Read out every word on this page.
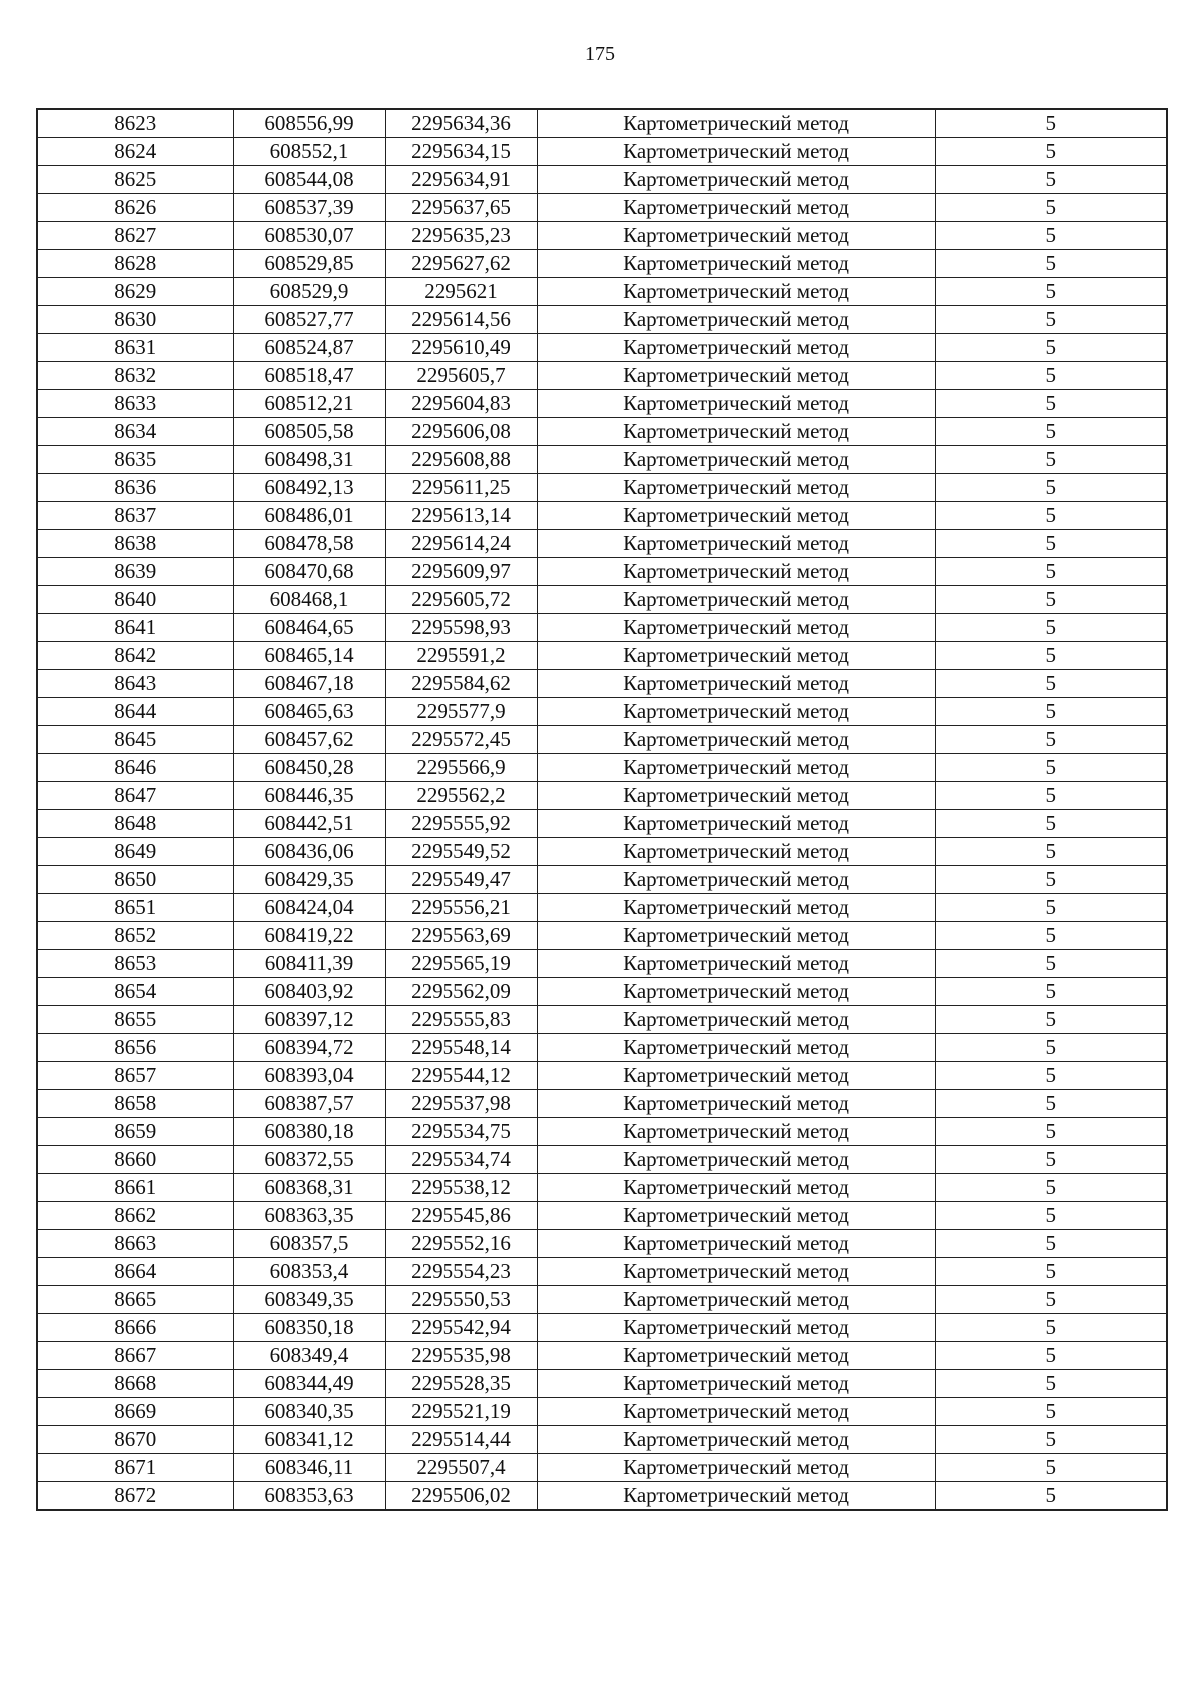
175
8623	608556,99	2295634,36	Картометрический метод	5
8624	608552,1	2295634,15	Картометрический метод	5
8625	608544,08	2295634,91	Картометрический метод	5
8626	608537,39	2295637,65	Картометрический метод	5
8627	608530,07	2295635,23	Картометрический метод	5
8628	608529,85	2295627,62	Картометрический метод	5
8629	608529,9	2295621	Картометрический метод	5
8630	608527,77	2295614,56	Картометрический метод	5
8631	608524,87	2295610,49	Картометрический метод	5
8632	608518,47	2295605,7	Картометрический метод	5
8633	608512,21	2295604,83	Картометрический метод	5
8634	608505,58	2295606,08	Картометрический метод	5
8635	608498,31	2295608,88	Картометрический метод	5
8636	608492,13	2295611,25	Картометрический метод	5
8637	608486,01	2295613,14	Картометрический метод	5
8638	608478,58	2295614,24	Картометрический метод	5
8639	608470,68	2295609,97	Картометрический метод	5
8640	608468,1	2295605,72	Картометрический метод	5
8641	608464,65	2295598,93	Картометрический метод	5
8642	608465,14	2295591,2	Картометрический метод	5
8643	608467,18	2295584,62	Картометрический метод	5
8644	608465,63	2295577,9	Картометрический метод	5
8645	608457,62	2295572,45	Картометрический метод	5
8646	608450,28	2295566,9	Картометрический метод	5
8647	608446,35	2295562,2	Картометрический метод	5
8648	608442,51	2295555,92	Картометрический метод	5
8649	608436,06	2295549,52	Картометрический метод	5
8650	608429,35	2295549,47	Картометрический метод	5
8651	608424,04	2295556,21	Картометрический метод	5
8652	608419,22	2295563,69	Картометрический метод	5
8653	608411,39	2295565,19	Картометрический метод	5
8654	608403,92	2295562,09	Картометрический метод	5
8655	608397,12	2295555,83	Картометрический метод	5
8656	608394,72	2295548,14	Картометрический метод	5
8657	608393,04	2295544,12	Картометрический метод	5
8658	608387,57	2295537,98	Картометрический метод	5
8659	608380,18	2295534,75	Картометрический метод	5
8660	608372,55	2295534,74	Картометрический метод	5
8661	608368,31	2295538,12	Картометрический метод	5
8662	608363,35	2295545,86	Картометрический метод	5
8663	608357,5	2295552,16	Картометрический метод	5
8664	608353,4	2295554,23	Картометрический метод	5
8665	608349,35	2295550,53	Картометрический метод	5
8666	608350,18	2295542,94	Картометрический метод	5
8667	608349,4	2295535,98	Картометрический метод	5
8668	608344,49	2295528,35	Картометрический метод	5
8669	608340,35	2295521,19	Картометрический метод	5
8670	608341,12	2295514,44	Картометрический метод	5
8671	608346,11	2295507,4	Картометрический метод	5
8672	608353,63	2295506,02	Картометрический метод	5
